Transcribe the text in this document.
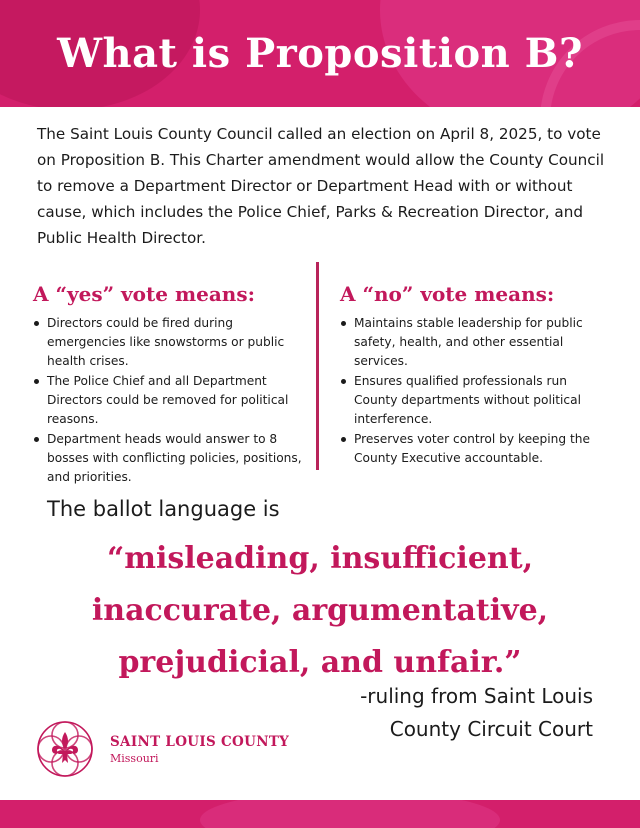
What is Proposition B?

The Saint Louis County Council called an election on April 8, 2025, to vote on Proposition B. This Charter amendment would allow the County Council to remove a Department Director or Department Head with or without cause, which includes the Police Chief, Parks & Recreation Director, and Public Health Director.

A “yes” vote means:
Directors could be fired during emergencies like snowstorms or public health crises.
The Police Chief and all Department Directors could be removed for political reasons.
Department heads would answer to 8 bosses with conflicting policies, positions, and priorities.
A “no” vote means:
Maintains stable leadership for public safety, health, and other essential services.
Ensures qualified professionals run County departments without political interference.
Preserves voter control by keeping the County Executive accountable.

The ballot language is

“misleading, insufficient,
inaccurate, argumentative,
prejudicial, and unfair.”
-ruling from Saint Louis
County Circuit Court
SAINT LOUIS COUNTY
Missouri
